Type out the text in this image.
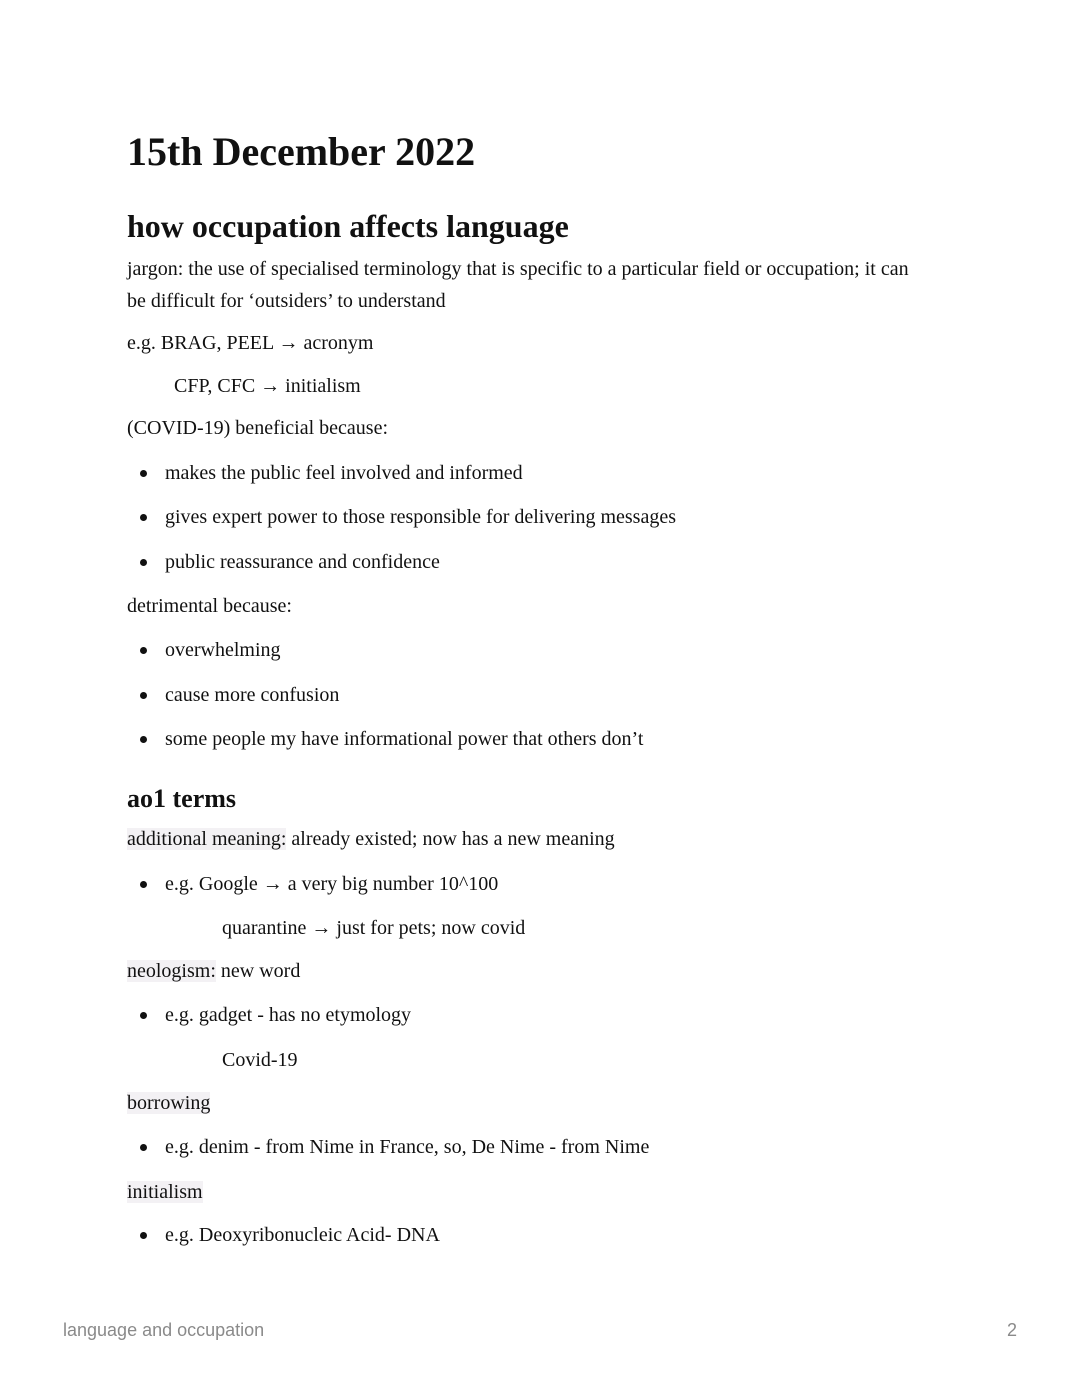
15th December 2022
how occupation affects language

jargon: the use of specialised terminology that is specific to a particular field or occupation; it can be difficult for ‘outsiders’ to understand

e.g. BRAG, PEEL → acronym

CFP, CFC → initialism

(COVID-19) beneficial because:

makes the public feel involved and informed
gives expert power to those responsible for delivering messages
public reassurance and confidence

detrimental because:

overwhelming
cause more confusion
some people my have informational power that others don’t
ao1 terms

additional meaning: already existed; now has a new meaning

e.g. Google → a very big number 10^100

quarantine → just for pets; now covid

neologism: new word

e.g. gadget - has no etymology

Covid-19

borrowing

e.g. denim - from Nime in France, so, De Nime - from Nime

initialism

e.g. Deoxyribonucleic Acid- DNA
language and occupation	2
